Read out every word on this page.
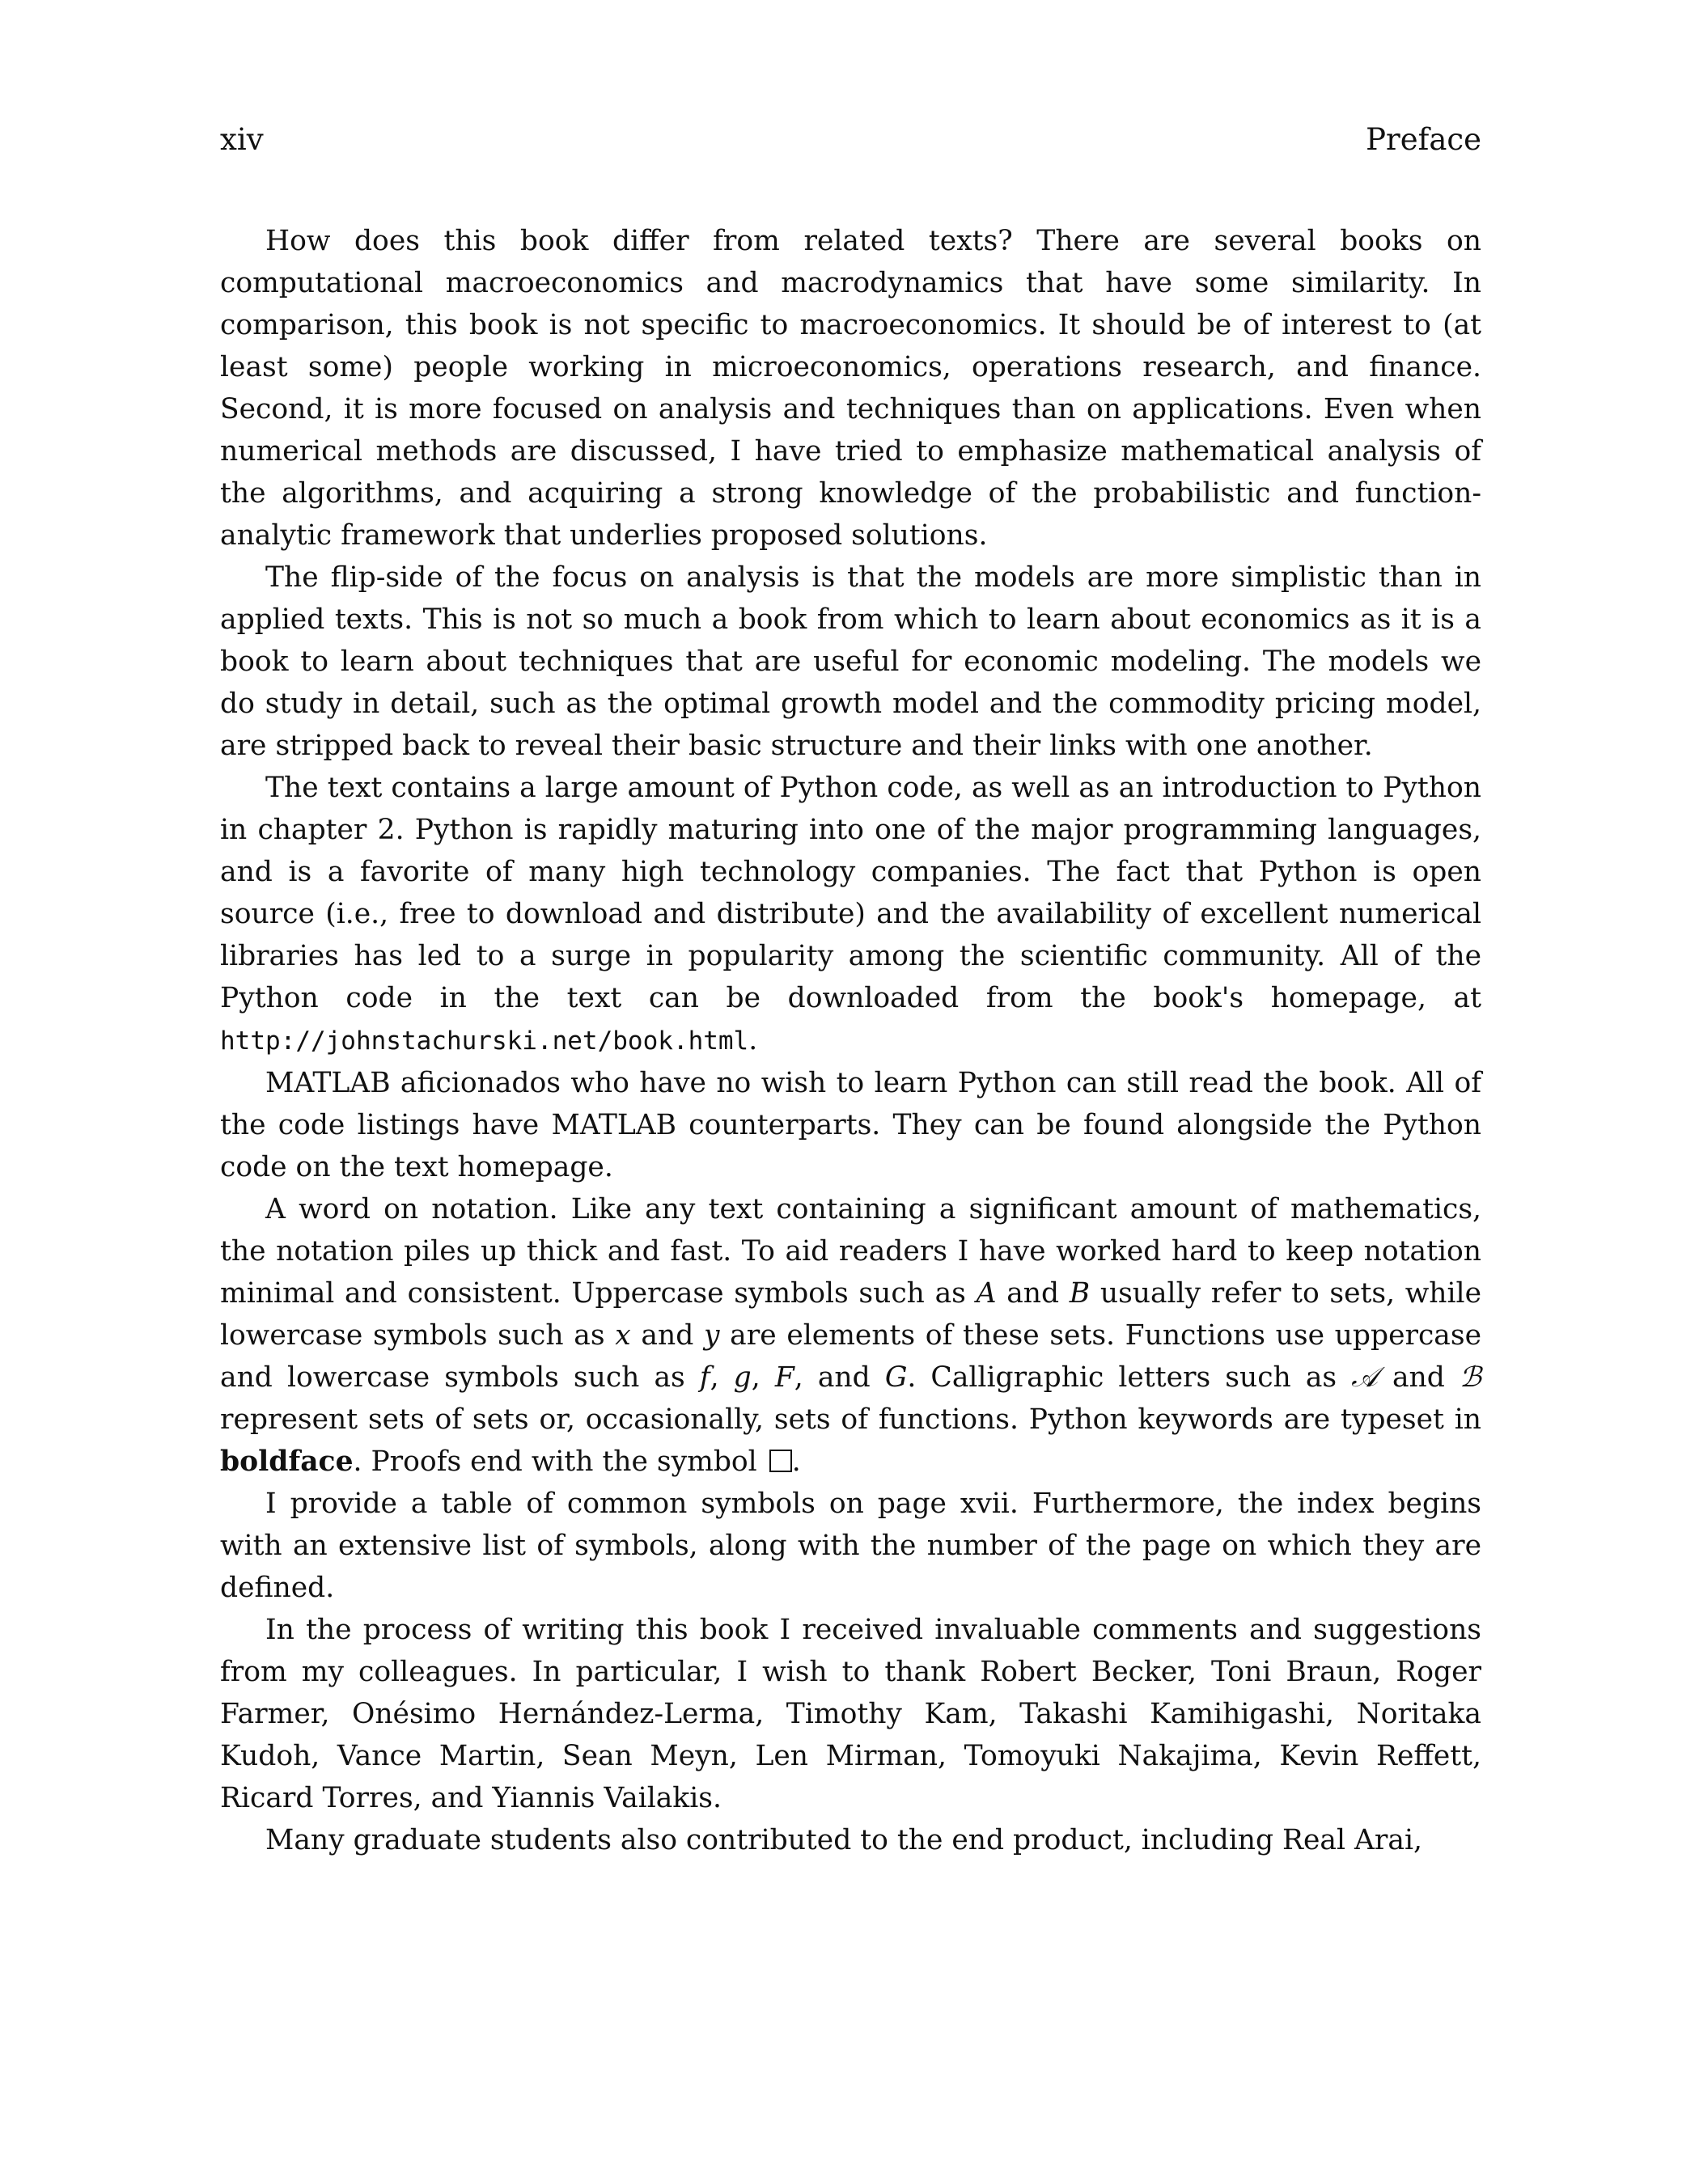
xiv	Preface

How does this book differ from related texts? There are several books on computational macroeconomics and macrodynamics that have some similarity. In comparison, this book is not specific to macroeconomics. It should be of interest to (at least some) people working in microeconomics, operations research, and finance. Second, it is more focused on analysis and techniques than on applications. Even when numerical methods are discussed, I have tried to emphasize mathematical analysis of the algorithms, and acquiring a strong knowledge of the probabilistic and function-analytic framework that underlies proposed solutions.

The flip-side of the focus on analysis is that the models are more simplistic than in applied texts. This is not so much a book from which to learn about economics as it is a book to learn about techniques that are useful for economic modeling. The models we do study in detail, such as the optimal growth model and the commodity pricing model, are stripped back to reveal their basic structure and their links with one another.

The text contains a large amount of Python code, as well as an introduction to Python in chapter 2. Python is rapidly maturing into one of the major programming languages, and is a favorite of many high technology companies. The fact that Python is open source (i.e., free to download and distribute) and the availability of excellent numerical libraries has led to a surge in popularity among the scientific community. All of the Python code in the text can be downloaded from the book's homepage, at http://johnstachurski.net/book.html.

MATLAB aficionados who have no wish to learn Python can still read the book. All of the code listings have MATLAB counterparts. They can be found alongside the Python code on the text homepage.

A word on notation. Like any text containing a significant amount of mathematics, the notation piles up thick and fast. To aid readers I have worked hard to keep notation minimal and consistent. Uppercase symbols such as A and B usually refer to sets, while lowercase symbols such as x and y are elements of these sets. Functions use uppercase and lowercase symbols such as f, g, F, and G. Calligraphic letters such as 𝒜 and ℬ represent sets of sets or, occasionally, sets of functions. Python keywords are typeset in boldface. Proofs end with the symbol .

I provide a table of common symbols on page xvii. Furthermore, the index begins with an extensive list of symbols, along with the number of the page on which they are defined.

In the process of writing this book I received invaluable comments and suggestions from my colleagues. In particular, I wish to thank Robert Becker, Toni Braun, Roger Farmer, Onésimo Hernández-Lerma, Timothy Kam, Takashi Kamihigashi, Noritaka Kudoh, Vance Martin, Sean Meyn, Len Mirman, Tomoyuki Nakajima, Kevin Reffett, Ricard Torres, and Yiannis Vailakis.

Many graduate students also contributed to the end product, including Real Arai,
